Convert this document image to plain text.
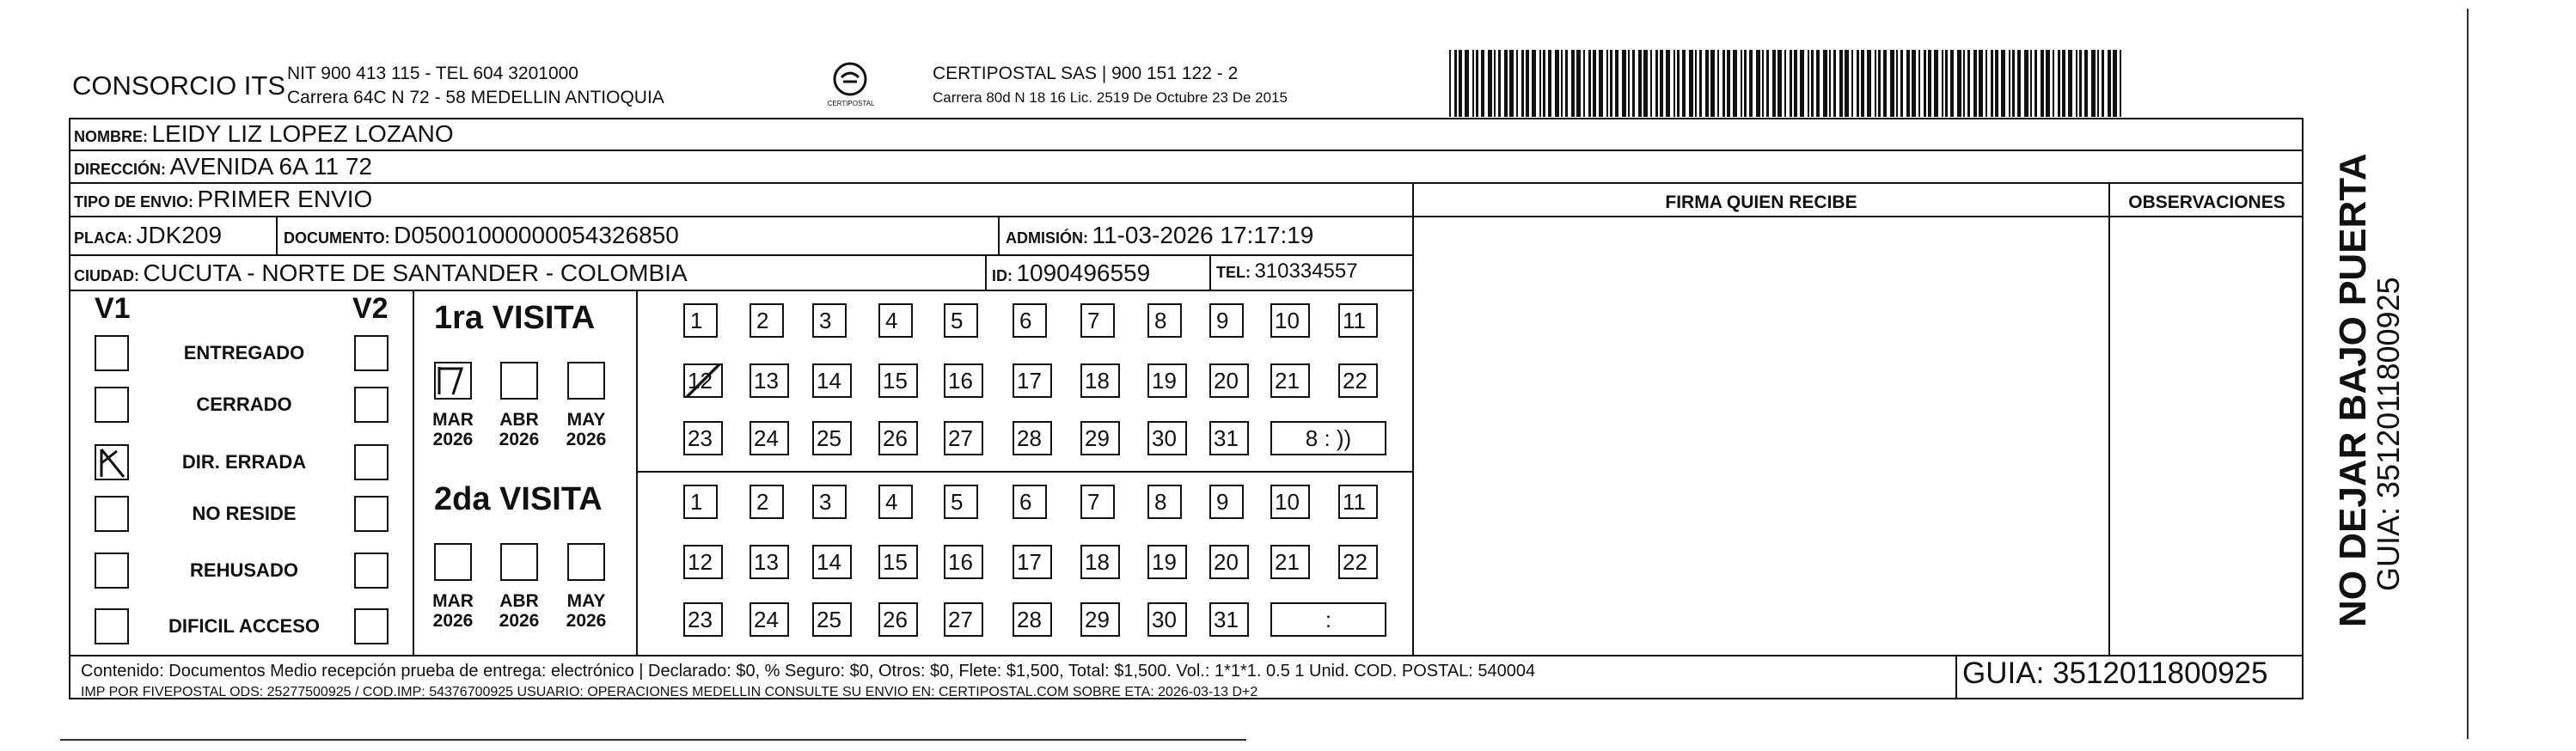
CONSORCIO ITS NIT 900 413 115 - TEL 604 3201000
Carrera 64C N 72 - 58 MEDELLIN ANTIOQUIA	CERTIPOSTAL
CERTIPOSTAL SAS | 900 151 122 - 2
Carrera 80d N 18 16 Lic. 2519 De Octubre 23 De 2015
NOMBRE: LEIDY LIZ LOPEZ LOZANO
DIRECCIÓN: AVENIDA 6A 11 72
TIPO DE ENVIO: PRIMER ENVIO	FIRMA QUIEN RECIBE	OBSERVACIONES
PLACA: JDK209	DOCUMENTO: D05001000000054326850	ADMISIÓN: 11-03-2026 17:17:19
CIUDAD: CUCUTA - NORTE DE SANTANDER - COLOMBIA	ID: 1090496559	TEL: 310334557
V1	V2
ENTREGADO
CERRADO
DIR. ERRADA
NO RESIDE
REHUSADO
DIFICIL ACCESO
1ra VISITA
MAR
2026
ABR
2026
MAY
2026
1	2	3	4	5	6	7	8	9	10	11
12	13	14	15	16	17	18	19	20	21	22
23	24	25	26	27	28	29	30	31	8 : ))
2da VISITA
MAR
2026
ABR
2026
MAY
2026
1	2	3	4	5	6	7	8	9	10	11
12	13	14	15	16	17	18	19	20	21	22
23	24	25	26	27	28	29	30	31	:
Contenido: Documentos Medio recepción prueba de entrega: electrónico | Declarado: $0, % Seguro: $0, Otros: $0, Flete: $1,500, Total: $1,500. Vol.: 1*1*1. 0.5 1 Unid. COD. POSTAL: 540004
IMP POR FIVEPOSTAL ODS: 25277500925 / COD.IMP: 54376700925 USUARIO: OPERACIONES MEDELLIN CONSULTE SU ENVIO EN: CERTIPOSTAL.COM SOBRE ETA: 2026-03-13 D+2
GUIA: 3512011800925
NO DEJAR BAJO PUERTA
GUIA: 3512011800925
